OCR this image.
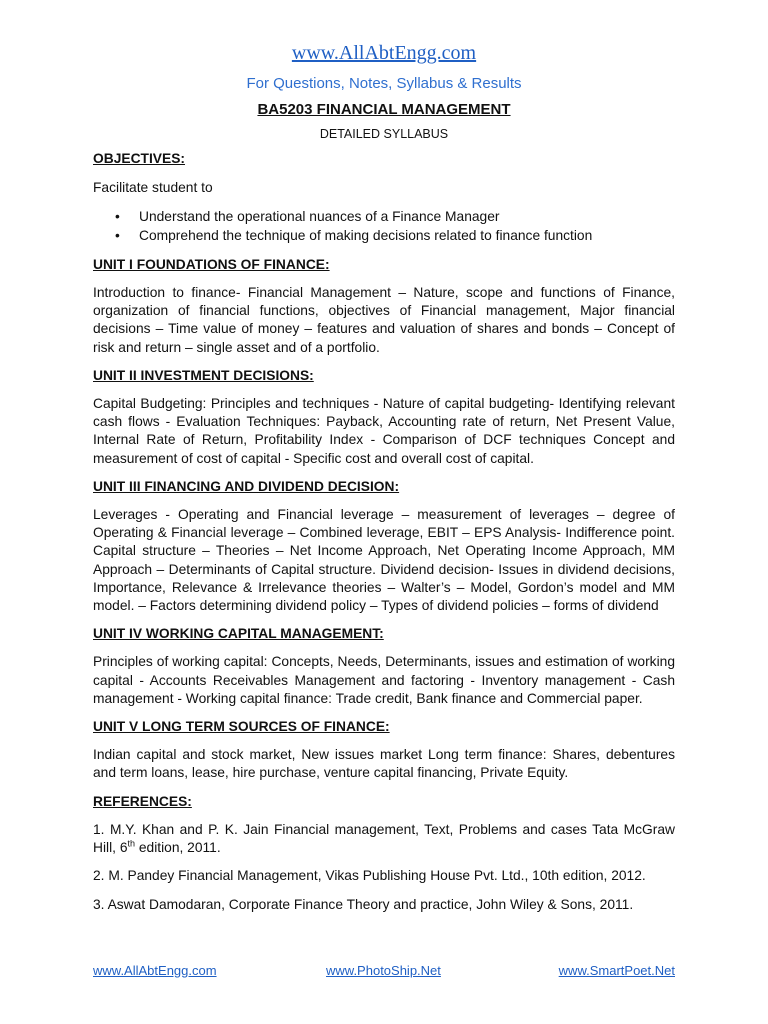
www.AllAbtEngg.com
For Questions, Notes, Syllabus & Results
BA5203 FINANCIAL MANAGEMENT
DETAILED SYLLABUS

OBJECTIVES:

Facilitate student to

• Understand the operational nuances of a Finance Manager
• Comprehend the technique of making decisions related to finance function

UNIT I FOUNDATIONS OF FINANCE:

Introduction to finance- Financial Management – Nature, scope and functions of Finance, organization of financial functions, objectives of Financial management, Major financial decisions – Time value of money – features and valuation of shares and bonds – Concept of risk and return – single asset and of a portfolio.

UNIT II INVESTMENT DECISIONS:

Capital Budgeting: Principles and techniques - Nature of capital budgeting- Identifying relevant cash flows - Evaluation Techniques: Payback, Accounting rate of return, Net Present Value, Internal Rate of Return, Profitability Index - Comparison of DCF techniques Concept and measurement of cost of capital - Specific cost and overall cost of capital.

UNIT III FINANCING AND DIVIDEND DECISION:

Leverages - Operating and Financial leverage – measurement of leverages – degree of Operating & Financial leverage – Combined leverage, EBIT – EPS Analysis- Indifference point. Capital structure – Theories – Net Income Approach, Net Operating Income Approach, MM Approach – Determinants of Capital structure. Dividend decision- Issues in dividend decisions, Importance, Relevance & Irrelevance theories – Walter’s – Model, Gordon’s model and MM model. – Factors determining dividend policy – Types of dividend policies – forms of dividend

UNIT IV WORKING CAPITAL MANAGEMENT:

Principles of working capital: Concepts, Needs, Determinants, issues and estimation of working capital - Accounts Receivables Management and factoring - Inventory management - Cash management - Working capital finance: Trade credit, Bank finance and Commercial paper.

UNIT V LONG TERM SOURCES OF FINANCE:

Indian capital and stock market, New issues market Long term finance: Shares, debentures and term loans, lease, hire purchase, venture capital financing, Private Equity.

REFERENCES:

1. M.Y. Khan and P. K. Jain Financial management, Text, Problems and cases Tata McGraw Hill, 6th edition, 2011.

2. M. Pandey Financial Management, Vikas Publishing House Pvt. Ltd., 10th edition, 2012.

3. Aswat Damodaran, Corporate Finance Theory and practice, John Wiley & Sons, 2011.

www.AllAbtEngg.com	www.PhotoShip.Net	www.SmartPoet.Net
